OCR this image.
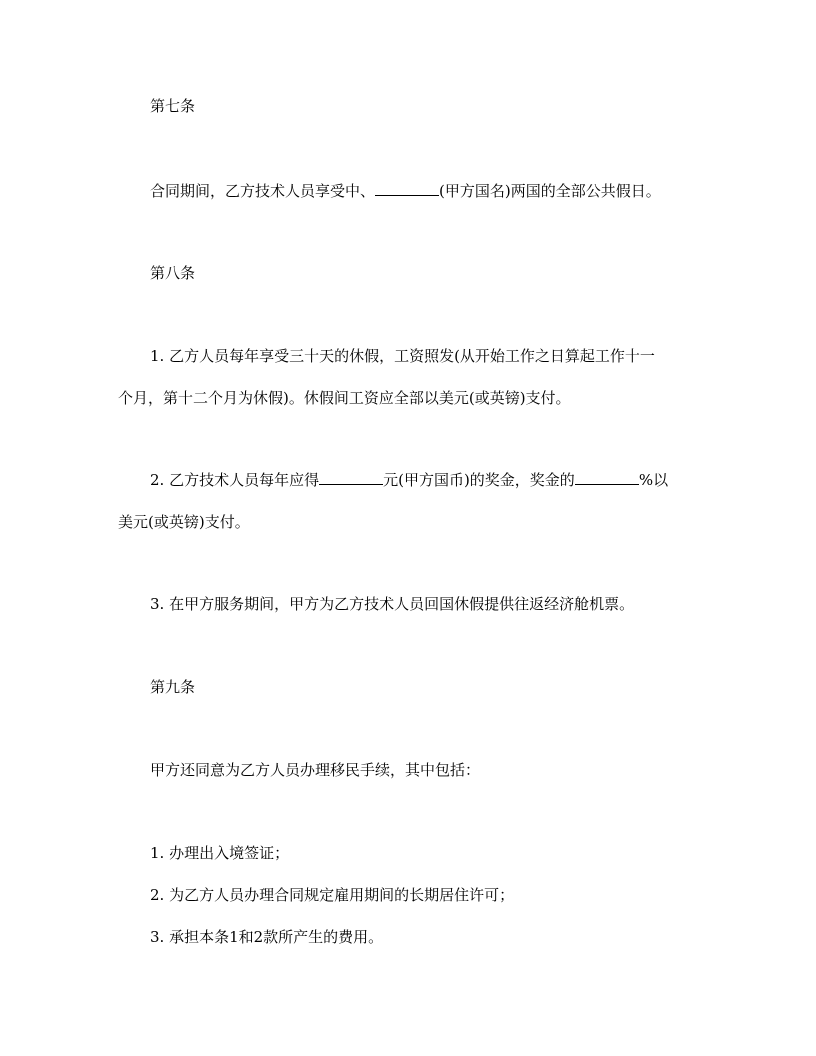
第七条
合同期间，乙方技术人员享受中、	(甲方国名)两国的全部公共假日。
第八条
1. 乙方人员每年享受三十天的休假，工资照发(从开始工作之日算起工作十一
个月，第十二个月为休假)。休假间工资应全部以美元(或英镑)支付。
2. 乙方技术人员每年应得	元(甲方国币)的奖金，奖金的	%以
美元(或英镑)支付。
3. 在甲方服务期间，甲方为乙方技术人员回国休假提供往返经济舱机票。
第九条
甲方还同意为乙方人员办理移民手续，其中包括：
1. 办理出入境签证；
2. 为乙方人员办理合同规定雇用期间的长期居住许可；
3. 承担本条1和2款所产生的费用。
